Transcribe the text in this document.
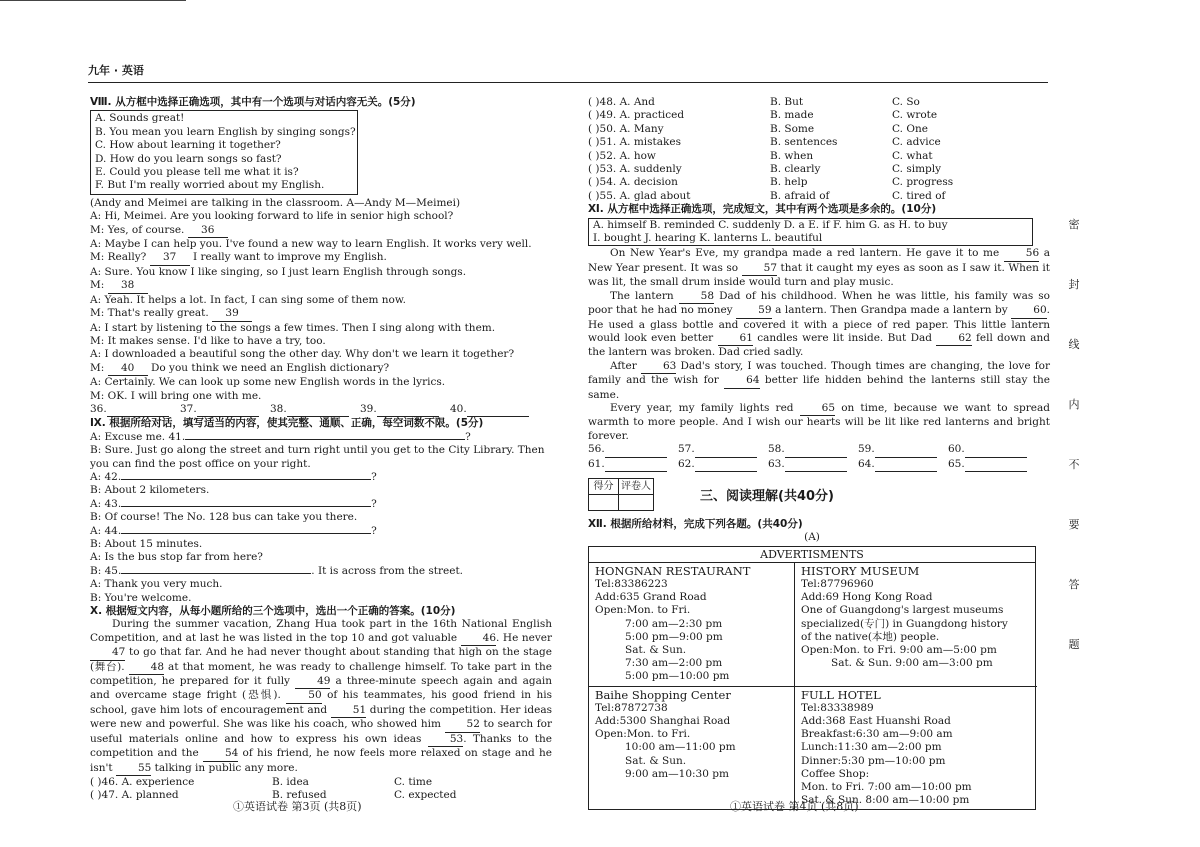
九年 · 英语
Ⅷ. 从方框中选择正确选项，其中有一个选项与对话内容无关。(5分)
A. Sounds great!
B. You mean you learn English by singing songs?
C. How about learning it together?
D. How do you learn songs so fast?
E. Could you please tell me what it is?
F. But I'm really worried about my English.
(Andy and Meimei are talking in the classroom. A—Andy M—Meimei)
A: Hi, Meimei. Are you looking forward to life in senior high school?
M: Yes, of course. 36
A: Maybe I can help you. I've found a new way to learn English. It works very well.
M: Really? 37 I really want to improve my English.
A: Sure. You know I like singing, so I just learn English through songs.
M: 38
A: Yeah. It helps a lot. In fact, I can sing some of them now.
M: That's really great. 39
A: I start by listening to the songs a few times. Then I sing along with them.
M: It makes sense. I'd like to have a try, too.
A: I downloaded a beautiful song the other day. Why don't we learn it together?
M: 40 Do you think we need an English dictionary?
A: Certainly. We can look up some new English words in the lyrics.
M: OK. I will bring one with me.
36.	37.	38.	39.	40.
Ⅸ. 根据所给对话，填写适当的内容，使其完整、通顺、正确，每空词数不限。(5分)
A: Excuse me. 41.	?
B: Sure. Just go along the street and turn right until you get to the City Library. Then
you can find the post office on your right.
A: 42.	?
B: About 2 kilometers.
A: 43.	?
B: Of course! The No. 128 bus can take you there.
A: 44.	?
B: About 15 minutes.
A: Is the bus stop far from here?
B: 45.	. It is across from the street.
A: Thank you very much.
B: You're welcome.
Ⅹ. 根据短文内容，从每小题所给的三个选项中，选出一个正确的答案。(10分)
During the summer vacation, Zhang Hua took part in the 16th National English Competition, and at last he was listed in the top 10 and got valuable 46. He never 47 to go that far. And he had never thought about standing that high on the stage (舞台). 48 at that moment, he was ready to challenge himself. To take part in the competition, he prepared for it fully 49 a three-minute speech again and again and overcame stage fright (恐惧). 50 of his teammates, his good friend in his school, gave him lots of encouragement and 51 during the competition. Her ideas were new and powerful. She was like his coach, who showed him 52 to search for useful materials online and how to express his own ideas 53. Thanks to the competition and the 54 of his friend, he now feels more relaxed on stage and he isn't 55 talking in public any more.
( )46. A. experience	B. idea	C. time
( )47. A. planned	B. refused	C. expected
( )48. A. And	B. But	C. So
( )49. A. practiced	B. made	C. wrote
( )50. A. Many	B. Some	C. One
( )51. A. mistakes	B. sentences	C. advice
( )52. A. how	B. when	C. what
( )53. A. suddenly	B. clearly	C. simply
( )54. A. decision	B. help	C. progress
( )55. A. glad about	B. afraid of	C. tired of
Ⅺ. 从方框中选择正确选项，完成短文，其中有两个选项是多余的。(10分)
A. himself B. reminded C. suddenly D. a E. if F. him G. as H. to buy
I. bought J. hearing K. lanterns L. beautiful
On New Year's Eve, my grandpa made a red lantern. He gave it to me 56 a New Year present. It was so 57 that it caught my eyes as soon as I saw it. When it was lit, the small drum inside would turn and play music.
The lantern 58 Dad of his childhood. When he was little, his family was so poor that he had no money 59 a lantern. Then Grandpa made a lantern by 60. He used a glass bottle and covered it with a piece of red paper. This little lantern would look even better 61 candles were lit inside. But Dad 62 fell down and the lantern was broken. Dad cried sadly.
After 63 Dad's story, I was touched. Though times are changing, the love for family and the wish for 64 better life hidden behind the lanterns still stay the same.
Every year, my family lights red 65 on time, because we want to spread warmth to more people. And I wish our hearts will be lit like red lanterns and bright forever.
56.	57.	58.	59.	60.
61.	62.	63.	64.	65.
得分	评卷人

三、阅读理解(共40分)
Ⅻ. 根据所给材料，完成下列各题。(共40分)
(A)
ADVERTISMENTS
HONGNAN RESTAURANT
Tel:83386223
Add:635 Grand Road
Open:Mon. to Fri.
7:00 am—2:30 pm
5:00 pm—9:00 pm
Sat. & Sun.
7:30 am—2:00 pm
5:00 pm—10:00 pm
HISTORY MUSEUM
Tel:87796960
Add:69 Hong Kong Road
One of Guangdong's largest museums
specialized(专门) in Guangdong history
of the native(本地) people.
Open:Mon. to Fri. 9:00 am—5:00 pm
Sat. & Sun. 9:00 am—3:00 pm
Baihe Shopping Center
Tel:87872738
Add:5300 Shanghai Road
Open:Mon. to Fri.
10:00 am—11:00 pm
Sat. & Sun.
9:00 am—10:30 pm
FULL HOTEL
Tel:83338989
Add:368 East Huanshi Road
Breakfast:6:30 am—9:00 am
Lunch:11:30 am—2:00 pm
Dinner:5:30 pm—10:00 pm
Coffee Shop:
Mon. to Fri. 7:00 am—10:00 pm
Sat. & Sun. 8:00 am—10:00 pm
密
封
线
内
不
要
答
题
①英语试卷 第3页 (共8页)	①英语试卷 第4页 (共8页)
